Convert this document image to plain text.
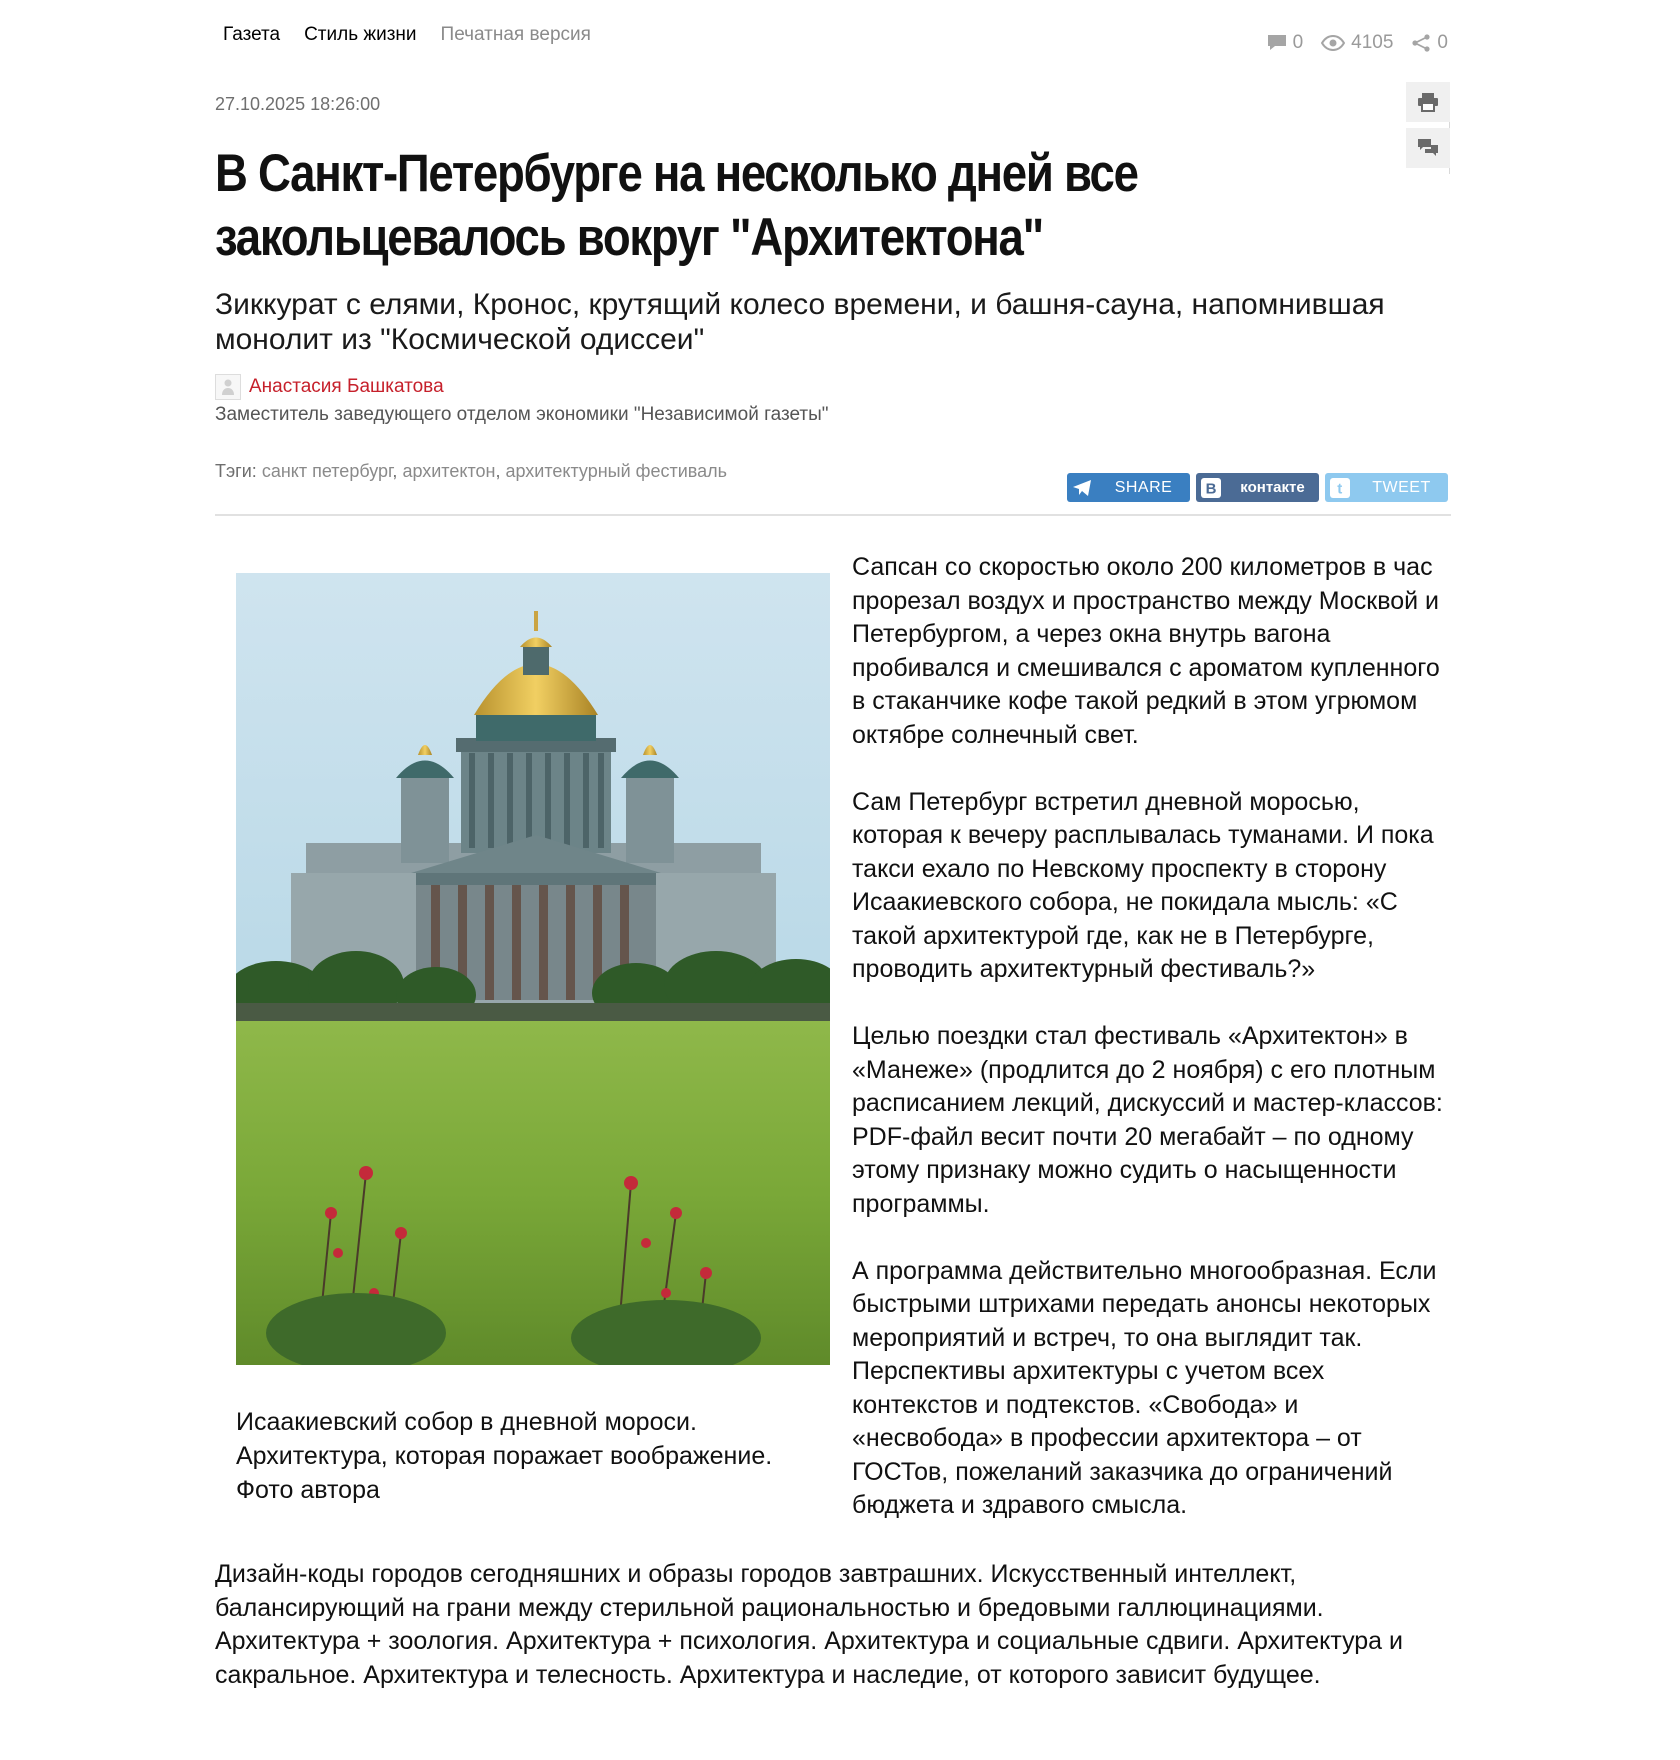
Газета Стиль жизни Печатная версия	0	4105 0
27.10.2025 18:26:00
В Санкт-Петербурге на несколько дней все закольцевалось вокруг "Архитектона"
Зиккурат с елями, Кронос, крутящий колесо времени, и башня-сауна, напомнившая монолит из "Космической одиссеи"
Анастасия Башкатова
Заместитель заведующего отделом экономики "Независимой газеты"
Тэги: санкт петербург, архитектон, архитектурный фестиваль
SHARE	В	контакте	t	TWEET
Исаакиевский собор в дневной мороси.
Архитектура, которая поражает воображение.
Фото автора

Сапсан со скоростью около 200 километров в час прорезал воздух и пространство между Москвой и Петербургом, а через окна внутрь вагона пробивался и смешивался с ароматом купленного в стаканчике кофе такой редкий в этом угрюмом октябре солнечный свет.

Сам Петербург встретил дневной моросью, которая к вечеру расплывалась туманами. И пока такси ехало по Невскому проспекту в сторону Исаакиевского собора, не покидала мысль: «С такой архитектурой где, как не в Петербурге, проводить архитектурный фестиваль?»

Целью поездки стал фестиваль «Архитектон» в «Манеже» (продлится до 2 ноября) с его плотным расписанием лекций, дискуссий и мастер-классов: PDF-файл весит почти 20 мегабайт – по одному этому признаку можно судить о насыщенности программы.

А программа действительно многообразная. Если быстрыми штрихами передать анонсы некоторых мероприятий и встреч, то она выглядит так. Перспективы архитектуры с учетом всех контекстов и подтекстов. «Свобода» и «несвобода» в профессии архитектора – от ГОСТов, пожеланий заказчика до ограничений бюджета и здравого смысла.

Дизайн-коды городов сегодняшних и образы городов завтрашних. Искусственный интеллект, балансирующий на грани между стерильной рациональностью и бредовыми галлюцинациями. Архитектура + зоология. Архитектура + психология. Архитектура и социальные сдвиги. Архитектура и сакральное. Архитектура и телесность. Архитектура и наследие, от которого зависит будущее.
